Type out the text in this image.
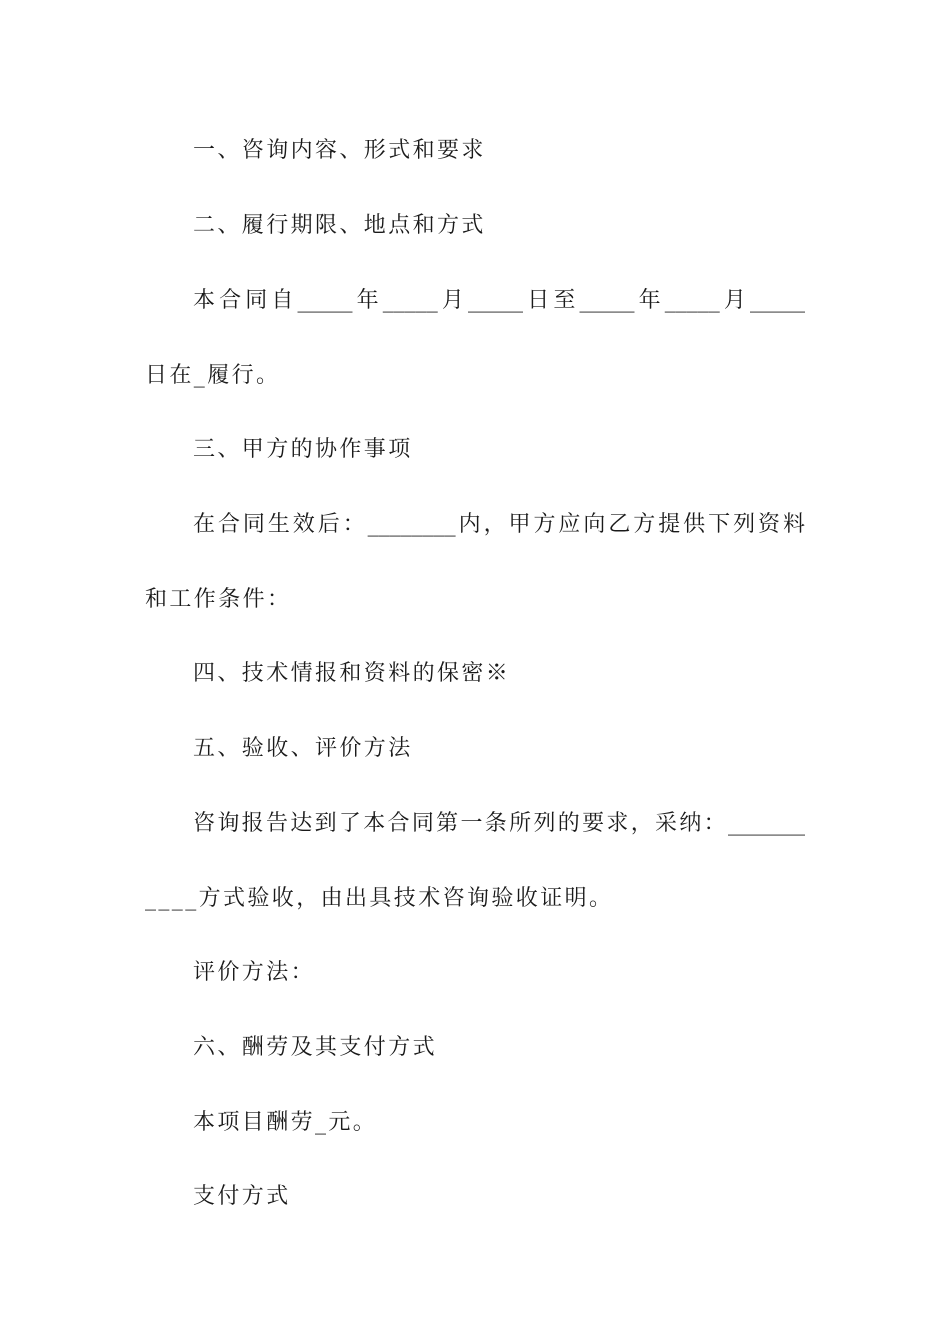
一、咨询内容、形式和要求
二、履行期限、地点和方式
本合同自_____年_____月_____日至_____年_____月_____
日在_履行。
三、甲方的协作事项
在合同生效后：________内，甲方应向乙方提供下列资料
和工作条件：
四、技术情报和资料的保密※
五、验收、评价方法
咨询报告达到了本合同第一条所列的要求，采纳：_______
____方式验收，由出具技术咨询验收证明。
评价方法：
六、酬劳及其支付方式
本项目酬劳_元。
支付方式
